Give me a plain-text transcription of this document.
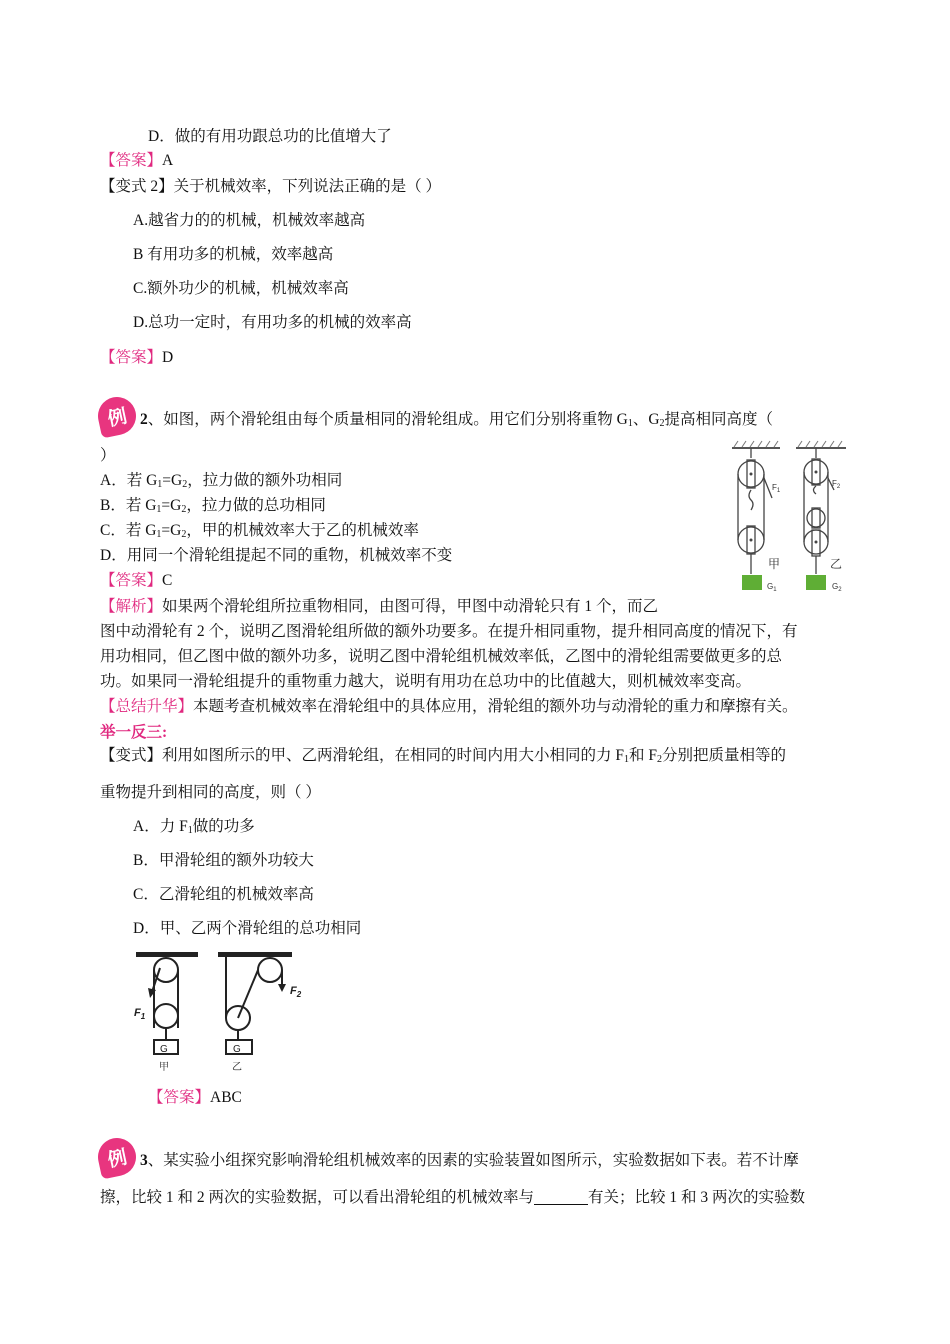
D．做的有用功跟总功的比值增大了
【答案】A
【变式 2】关于机械效率，下列说法正确的是（ ）
A.越省力的的机械，机械效率越高
B 有用功多的机械，效率越高
C.额外功少的机械，机械效率高
D.总功一定时，有用功多的机械的效率高
【答案】D
例 2、如图，两个滑轮组由每个质量相同的滑轮组成。用它们分别将重物 $G_1$、$G_2$提高相同高度（
）
A．若 $G_1=G_2$，拉力做的额外功相同
B．若 $G_1=G_2$，拉力做的总功相同
C．若 $G_1=G_2$，甲的机械效率大于乙的机械效率
D．用同一个滑轮组提起不同的重物，机械效率不变
【答案】C
【解析】如果两个滑轮组所拉重物相同，由图可得，甲图中动滑轮只有 1 个，而乙
图中动滑轮有 2 个，说明乙图滑轮组所做的额外功要多。在提升相同重物，提升相同高度的情况下，有
用功相同，但乙图中做的额外功多，说明乙图中滑轮组机械效率低，乙图中的滑轮组需要做更多的总
功。如果同一滑轮组提升的重物重力越大，说明有用功在总功中的比值越大，则机械效率变高。
【总结升华】本题考查机械效率在滑轮组中的具体应用，滑轮组的额外功与动滑轮的重力和摩擦有关。
$F_1$
甲
$G_1$
$F_2$
乙
$G_2$
举一反三:
【变式】利用如图所示的甲、乙两滑轮组，在相同的时间内用大小相同的力 $F_1$和 $F_2$分别把质量相等的
重物提升到相同的高度，则（ ）
A．力 $F_1$做的功多
B．甲滑轮组的额外功较大
C．乙滑轮组的机械效率高
D．甲、乙两个滑轮组的总功相同
$F_1$
G
甲
$F_2$
G
乙
【答案】ABC
例 3、某实验小组探究影响滑轮组机械效率的因素的实验装置如图所示，实验数据如下表。若不计摩
擦，比较 1 和 2 两次的实验数据，可以看出滑轮组的机械效率与	有关；比较 1 和 3 两次的实验数
